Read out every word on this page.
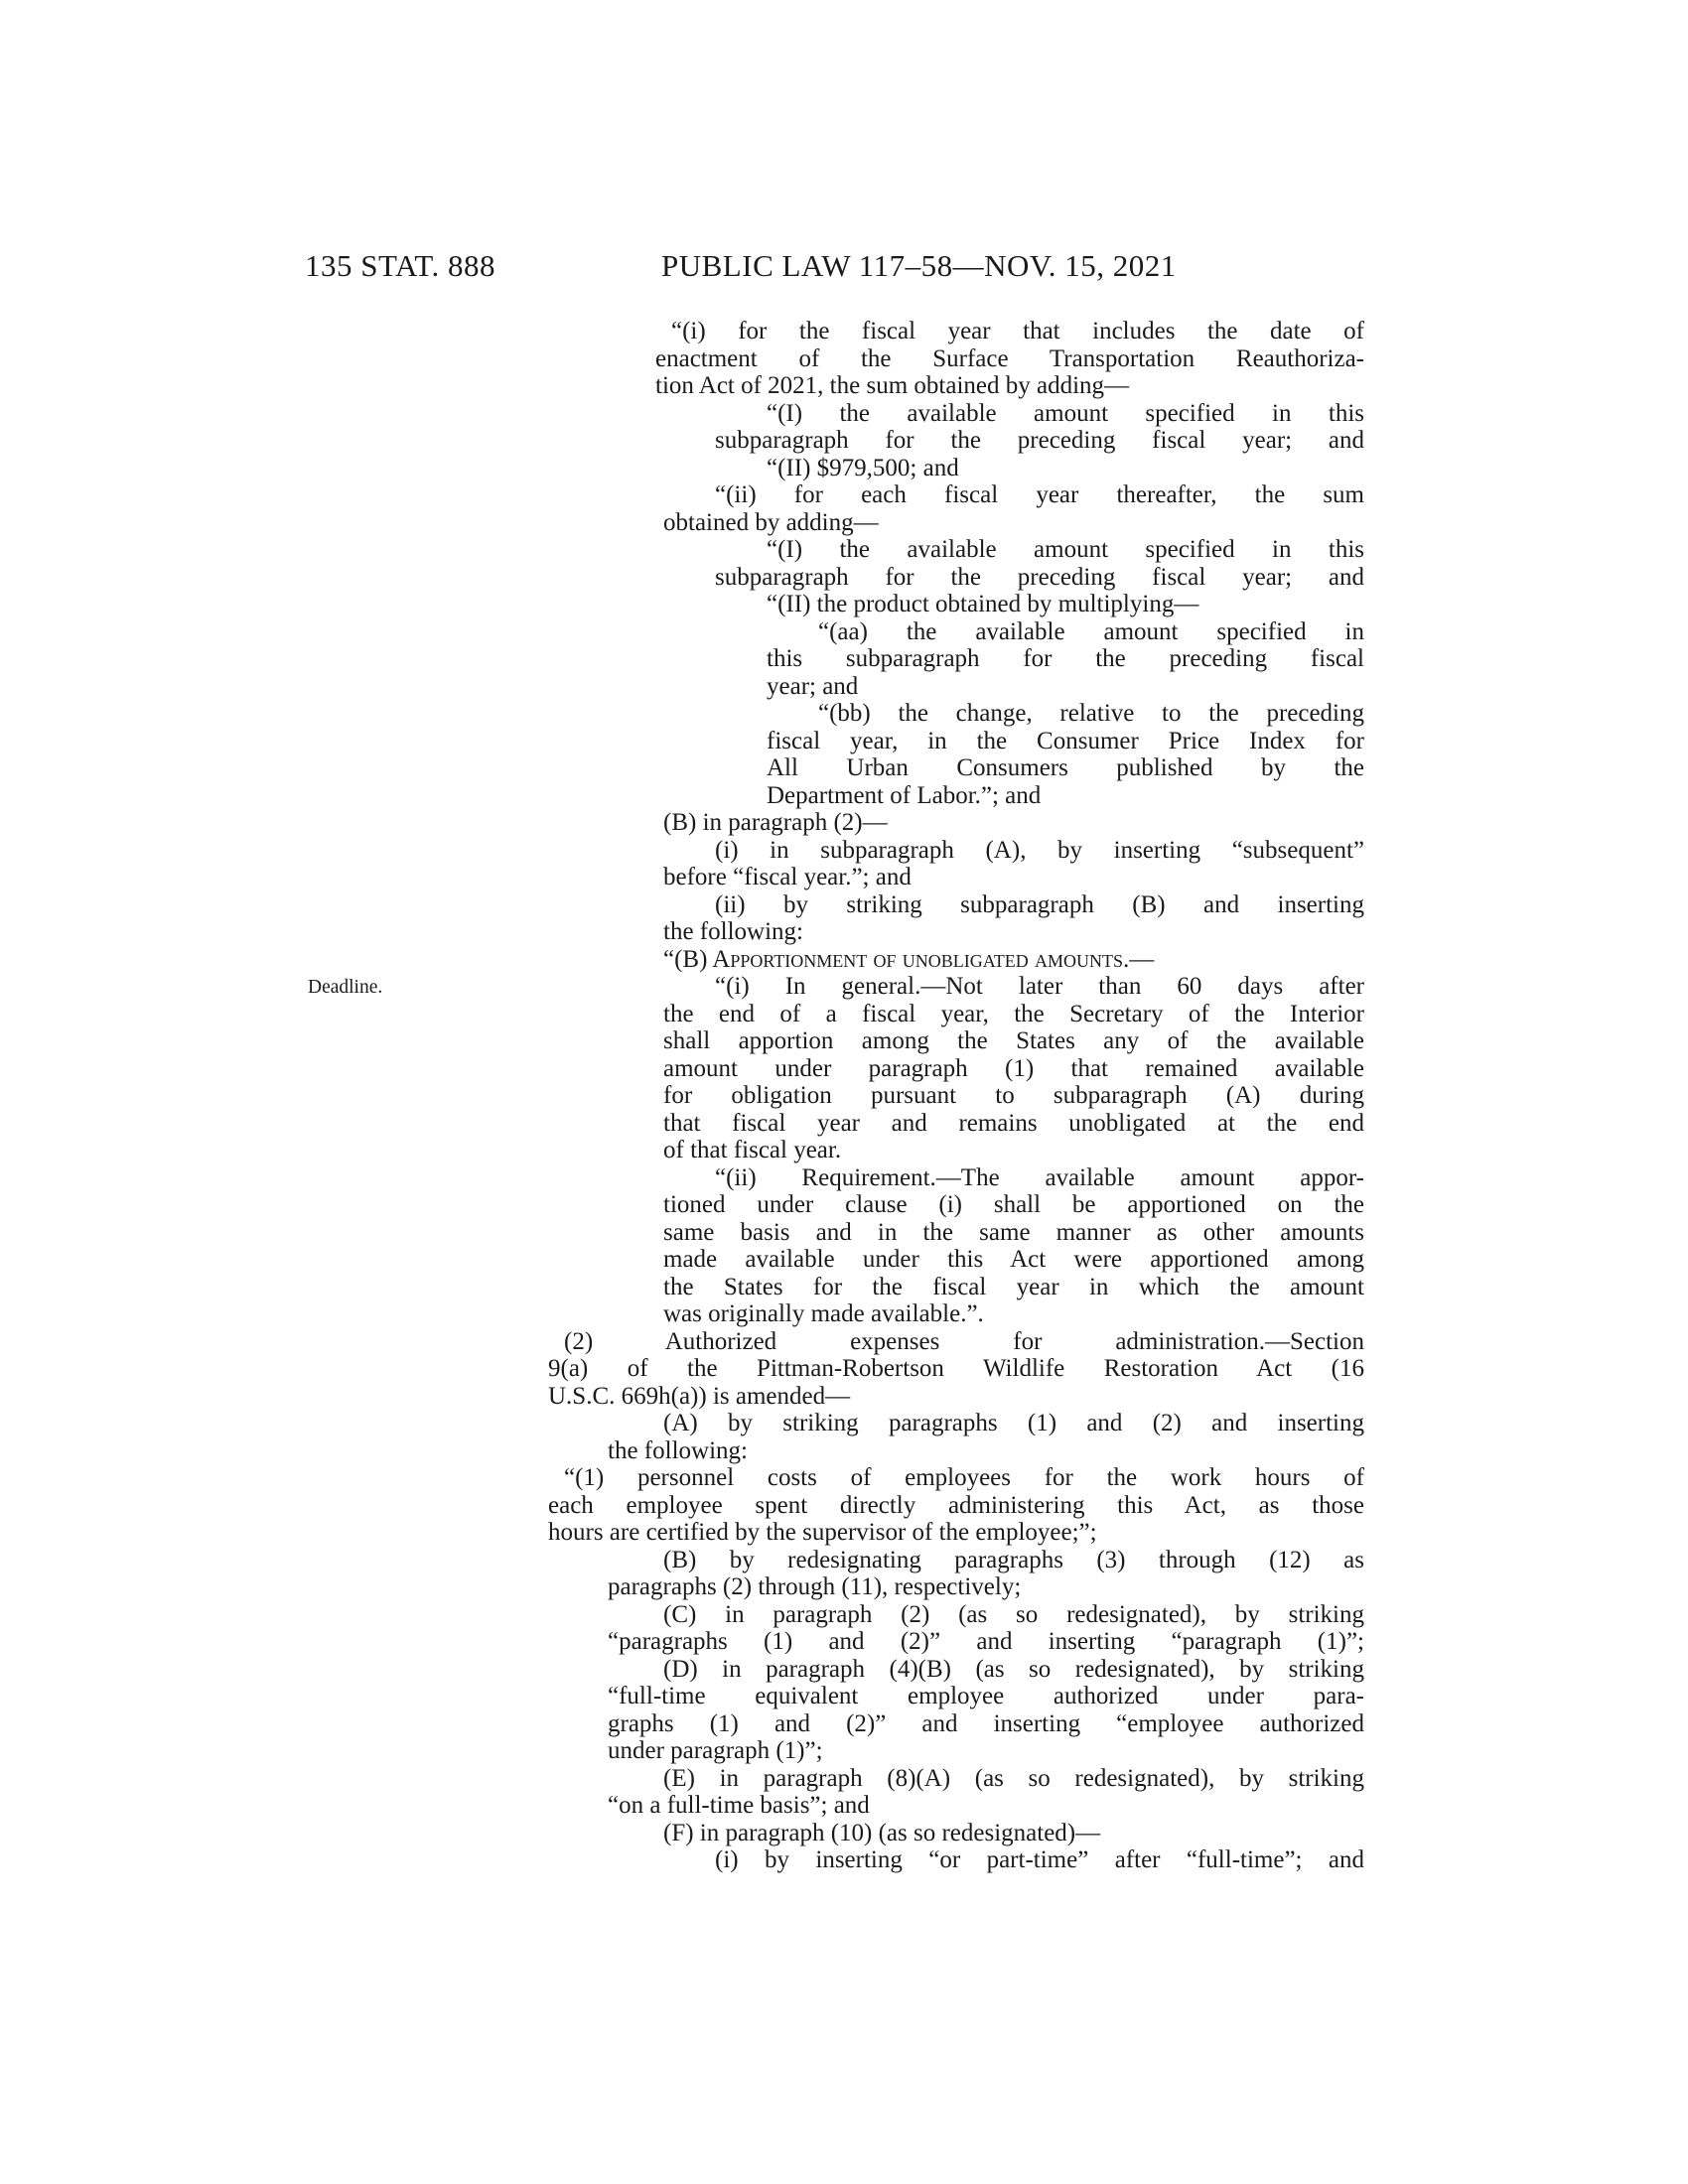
135 STAT. 888	PUBLIC LAW 117–58—NOV. 15, 2021
Deadline.
“(i) for the fiscal year that includes the date of
enactment of the Surface Transportation Reauthoriza-
tion Act of 2021, the sum obtained by adding—
“(I) the available amount specified in this
subparagraph for the preceding fiscal year; and
“(II) $979,500; and
“(ii) for each fiscal year thereafter, the sum
obtained by adding—
“(I) the available amount specified in this
subparagraph for the preceding fiscal year; and
“(II) the product obtained by multiplying—
“(aa) the available amount specified in
this subparagraph for the preceding fiscal
year; and
“(bb) the change, relative to the preceding
fiscal year, in the Consumer Price Index for
All Urban Consumers published by the
Department of Labor.”; and
(B) in paragraph (2)—
(i) in subparagraph (A), by inserting “subsequent”
before “fiscal year.”; and
(ii) by striking subparagraph (B) and inserting
the following:
“(B) Apportionment of unobligated amounts.—
“(i) In general.—Not later than 60 days after
the end of a fiscal year, the Secretary of the Interior
shall apportion among the States any of the available
amount under paragraph (1) that remained available
for obligation pursuant to subparagraph (A) during
that fiscal year and remains unobligated at the end
of that fiscal year.
“(ii) Requirement.—The available amount appor-
tioned under clause (i) shall be apportioned on the
same basis and in the same manner as other amounts
made available under this Act were apportioned among
the States for the fiscal year in which the amount
was originally made available.”.
(2) Authorized expenses for administration.—Section
9(a) of the Pittman-Robertson Wildlife Restoration Act (16
U.S.C. 669h(a)) is amended—
(A) by striking paragraphs (1) and (2) and inserting
the following:
“(1) personnel costs of employees for the work hours of
each employee spent directly administering this Act, as those
hours are certified by the supervisor of the employee;”;
(B) by redesignating paragraphs (3) through (12) as
paragraphs (2) through (11), respectively;
(C) in paragraph (2) (as so redesignated), by striking
“paragraphs (1) and (2)” and inserting “paragraph (1)”;
(D) in paragraph (4)(B) (as so redesignated), by striking
“full-time equivalent employee authorized under para-
graphs (1) and (2)” and inserting “employee authorized
under paragraph (1)”;
(E) in paragraph (8)(A) (as so redesignated), by striking
“on a full-time basis”; and
(F) in paragraph (10) (as so redesignated)—
(i) by inserting “or part-time” after “full-time”; and
